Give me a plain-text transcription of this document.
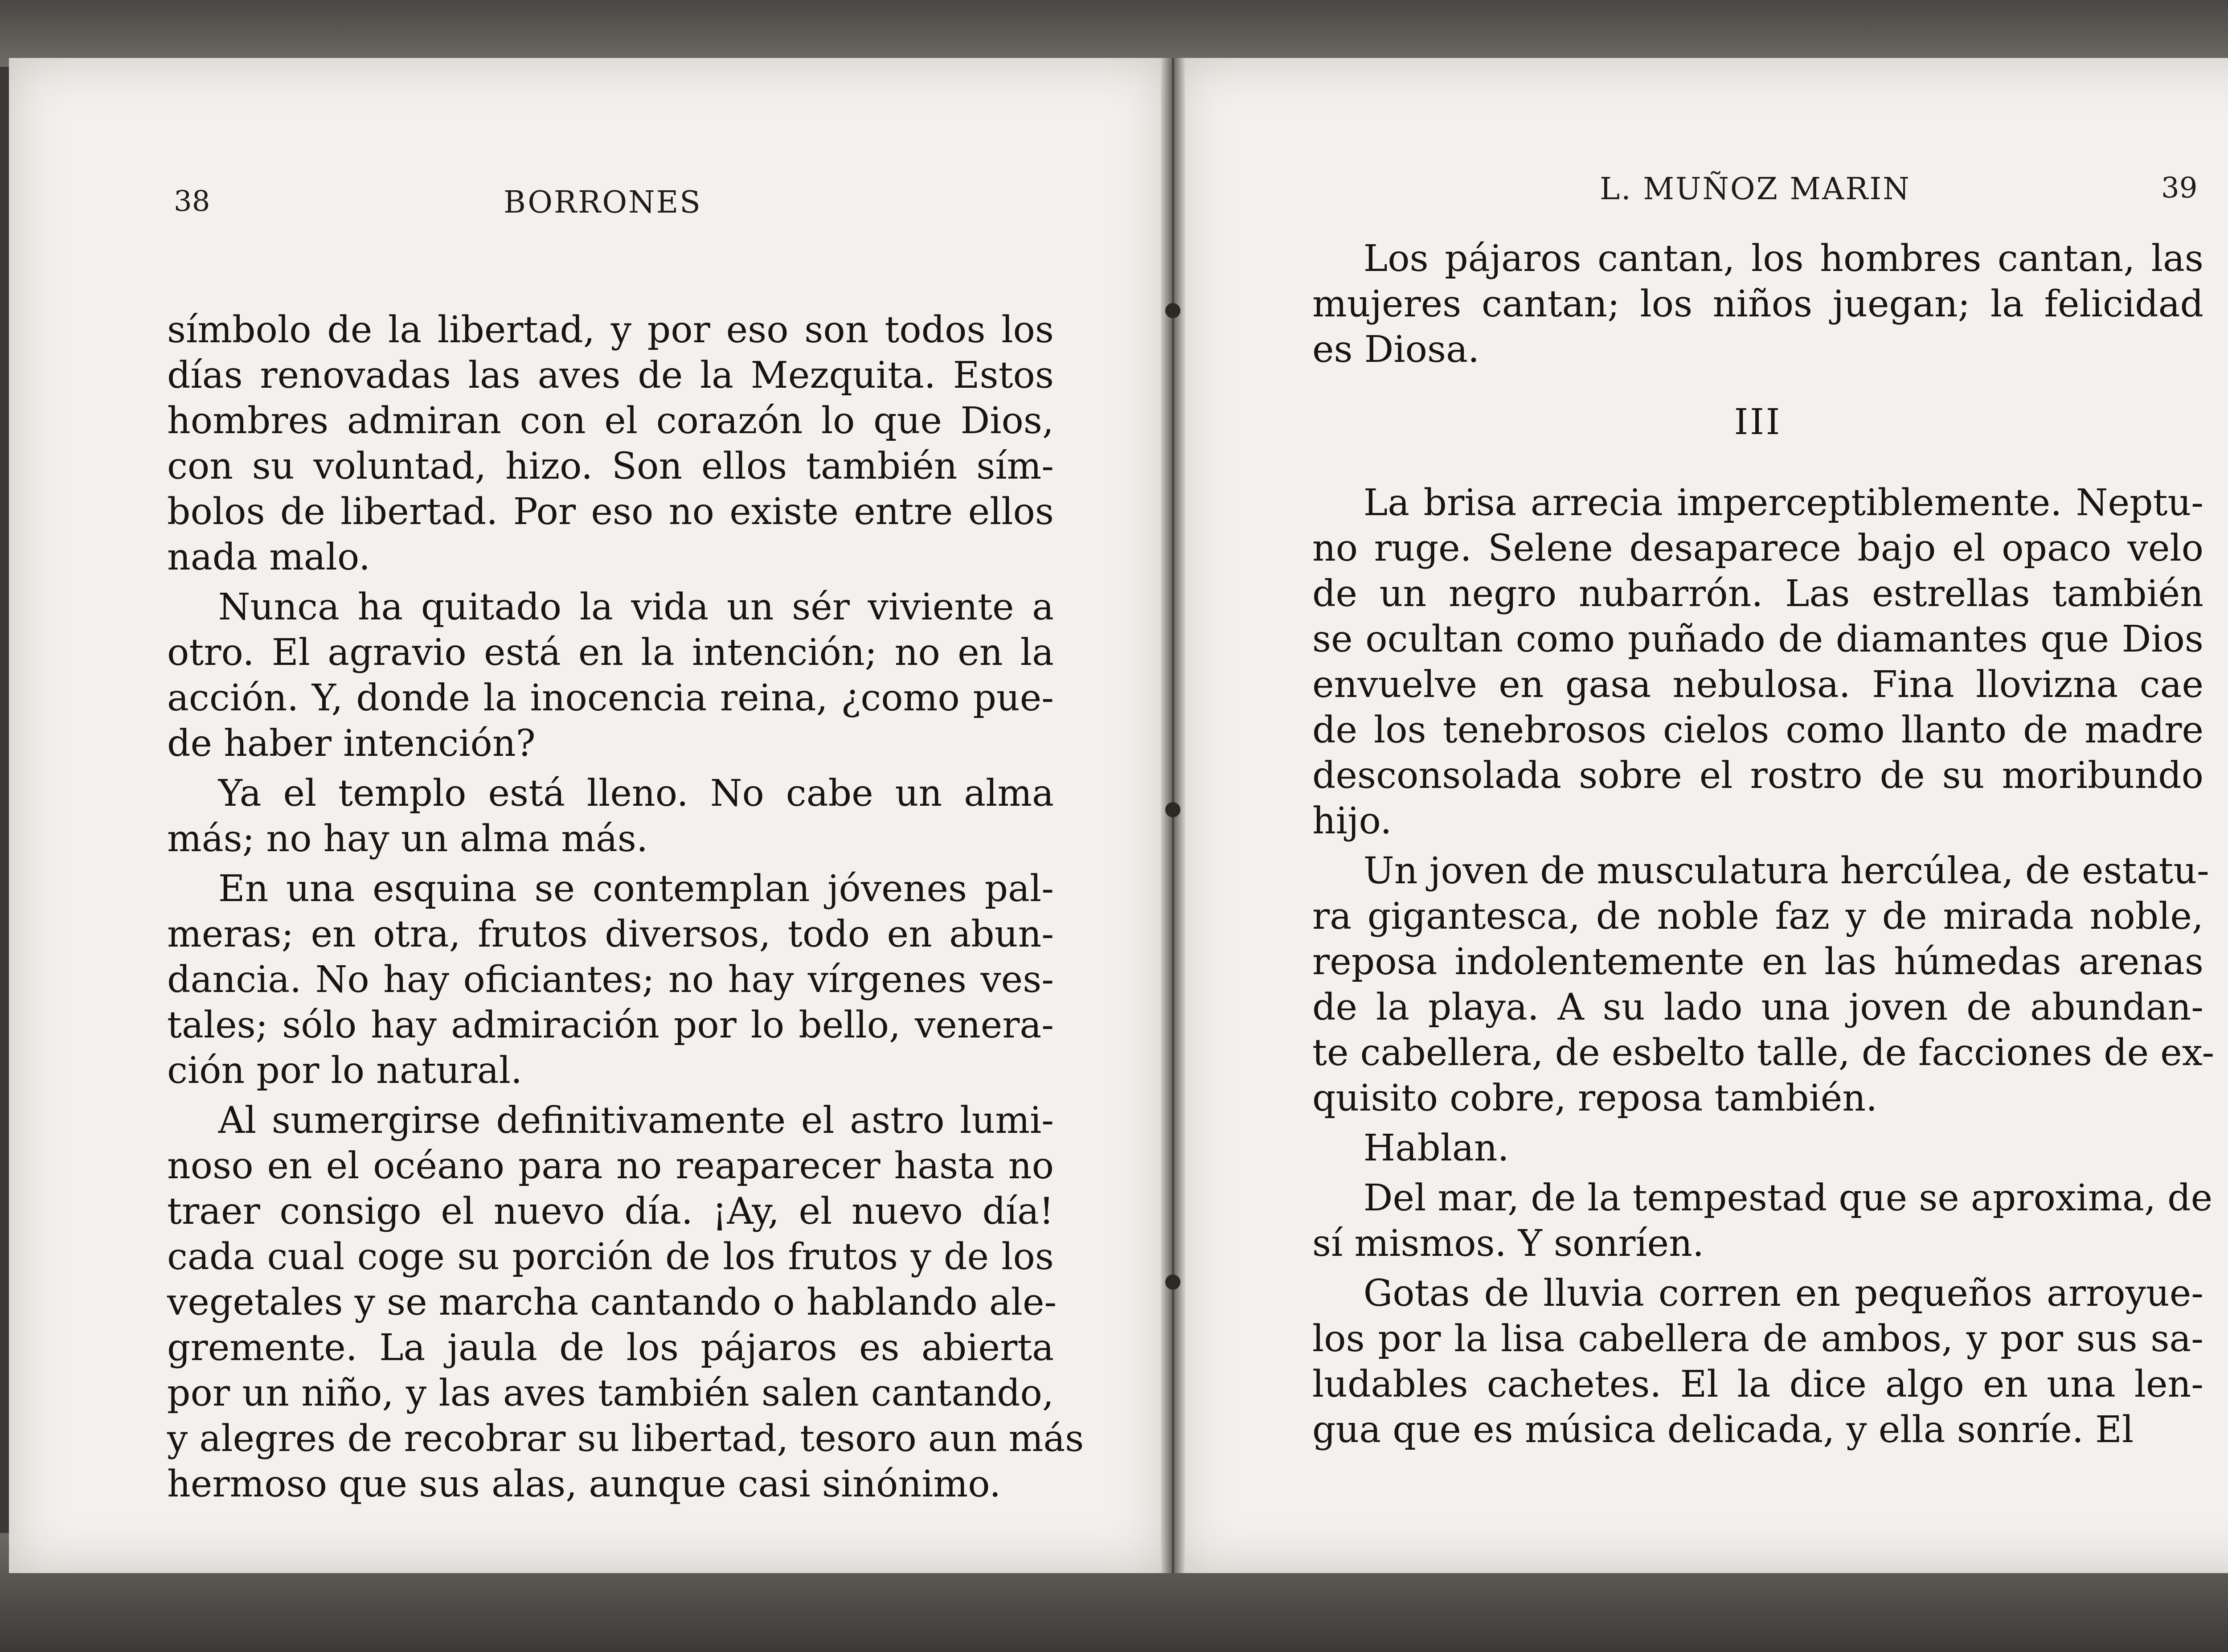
38	BORRONES
símbolo de la libertad, y por eso son todos los
días renovadas las aves de la Mezquita. Estos
hombres admiran con el corazón lo que Dios,
con su voluntad, hizo. Son ellos también sím-
bolos de libertad. Por eso no existe entre ellos
nada malo.
Nunca ha quitado la vida un sér viviente a
otro. El agravio está en la intención; no en la
acción. Y, donde la inocencia reina, ¿como pue-
de haber intención?
Ya el templo está lleno. No cabe un alma
más; no hay un alma más.
En una esquina se contemplan jóvenes pal-
meras; en otra, frutos diversos, todo en abun-
dancia. No hay oficiantes; no hay vírgenes ves-
tales; sólo hay admiración por lo bello, venera-
ción por lo natural.
Al sumergirse definitivamente el astro lumi-
noso en el océano para no reaparecer hasta no
traer consigo el nuevo día. ¡Ay, el nuevo día!
cada cual coge su porción de los frutos y de los
vegetales y se marcha cantando o hablando ale-
gremente. La jaula de los pájaros es abierta
por un niño, y las aves también salen cantando,
y alegres de recobrar su libertad, tesoro aun más
hermoso que sus alas, aunque casi sinónimo.
L. MUÑOZ MARIN	39
Los pájaros cantan, los hombres cantan, las
mujeres cantan; los niños juegan; la felicidad
es Diosa.
III
La brisa arrecia imperceptiblemente. Neptu-
no ruge. Selene desaparece bajo el opaco velo
de un negro nubarrón. Las estrellas también
se ocultan como puñado de diamantes que Dios
envuelve en gasa nebulosa. Fina llovizna cae
de los tenebrosos cielos como llanto de madre
desconsolada sobre el rostro de su moribundo
hijo.
Un joven de musculatura hercúlea, de estatu-
ra gigantesca, de noble faz y de mirada noble,
reposa indolentemente en las húmedas arenas
de la playa. A su lado una joven de abundan-
te cabellera, de esbelto talle, de facciones de ex-
quisito cobre, reposa también.
Hablan.
Del mar, de la tempestad que se aproxima, de
sí mismos. Y sonríen.
Gotas de lluvia corren en pequeños arroyue-
los por la lisa cabellera de ambos, y por sus sa-
ludables cachetes. El la dice algo en una len-
gua que es música delicada, y ella sonríe. El
